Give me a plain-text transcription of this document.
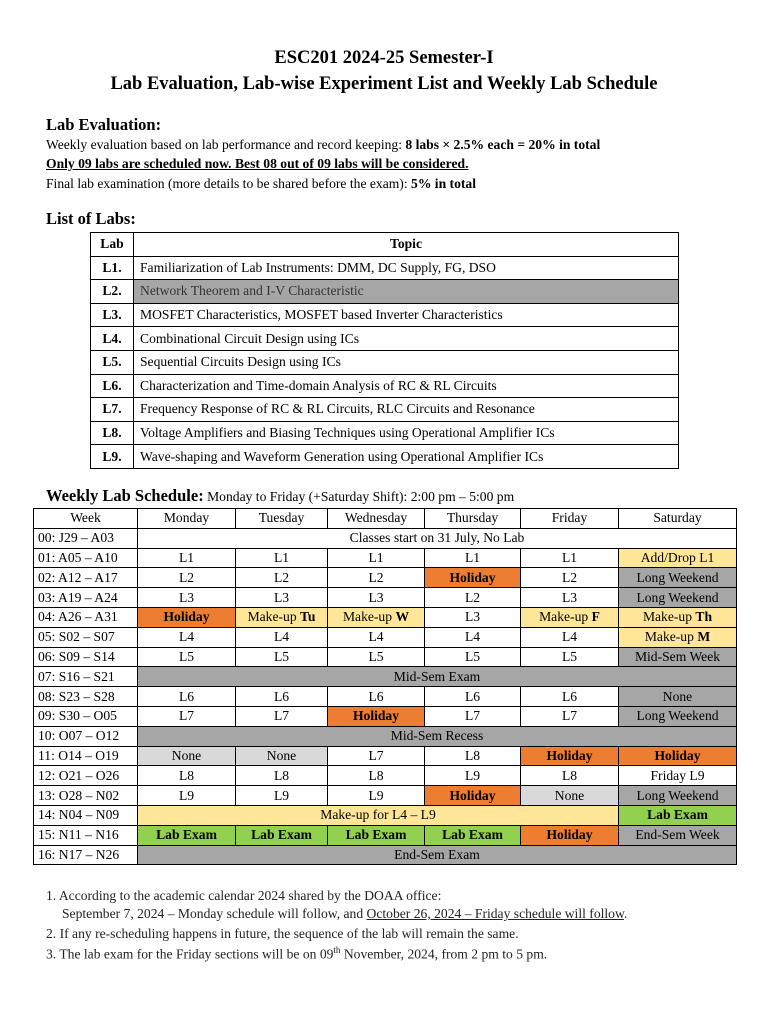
ESC201 2024-25 Semester-I
Lab Evaluation, Lab-wise Experiment List and Weekly Lab Schedule
Lab Evaluation:
Weekly evaluation based on lab performance and record keeping: 8 labs × 2.5% each = 20% in total
Only 09 labs are scheduled now. Best 08 out of 09 labs will be considered.
Final lab examination (more details to be shared before the exam): 5% in total
List of Labs:
Lab	Topic
L1.	Familiarization of Lab Instruments: DMM, DC Supply, FG, DSO
L2.	Network Theorem and I-V Characteristic
L3.	MOSFET Characteristics, MOSFET based Inverter Characteristics
L4.	Combinational Circuit Design using ICs
L5.	Sequential Circuits Design using ICs
L6.	Characterization and Time-domain Analysis of RC & RL Circuits
L7.	Frequency Response of RC & RL Circuits, RLC Circuits and Resonance
L8.	Voltage Amplifiers and Biasing Techniques using Operational Amplifier ICs
L9.	Wave-shaping and Waveform Generation using Operational Amplifier ICs
Weekly Lab Schedule: Monday to Friday (+Saturday Shift): 2:00 pm – 5:00 pm
Week	Monday	Tuesday	Wednesday	Thursday	Friday	Saturday
00: J29 – A03	Classes start on 31 July, No Lab					
01: A05 – A10	L1	L1	L1	L1	L1	Add/Drop L1
02: A12 – A17	L2	L2	L2	Holiday	L2	Long Weekend
03: A19 – A24	L3	L3	L3	L2	L3	Long Weekend
04: A26 – A31	Holiday	Make-up Tu	Make-up W	L3	Make-up F	Make-up Th
05: S02 – S07	L4	L4	L4	L4	L4	Make-up M
06: S09 – S14	L5	L5	L5	L5	L5	Mid-Sem Week
07: S16 – S21	Mid-Sem Exam					
08: S23 – S28	L6	L6	L6	L6	L6	None
09: S30 – O05	L7	L7	Holiday	L7	L7	Long Weekend
10: O07 – O12	Mid-Sem Recess					
11: O14 – O19	None	None	L7	L8	Holiday	Holiday
12: O21 – O26	L8	L8	L8	L9	L8	Friday L9
13: O28 – N02	L9	L9	L9	Holiday	None	Long Weekend
14: N04 – N09	Make-up for L4 – L9					Lab Exam
15: N11 – N16	Lab Exam	Lab Exam	Lab Exam	Lab Exam	Holiday	End-Sem Week
16: N17 – N26	End-Sem Exam					
1. According to the academic calendar 2024 shared by the DOAA office:
September 7, 2024 – Monday schedule will follow, and October 26, 2024 – Friday schedule will follow.
2. If any re-scheduling happens in future, the sequence of the lab will remain the same.
3. The lab exam for the Friday sections will be on 09th November, 2024, from 2 pm to 5 pm.
